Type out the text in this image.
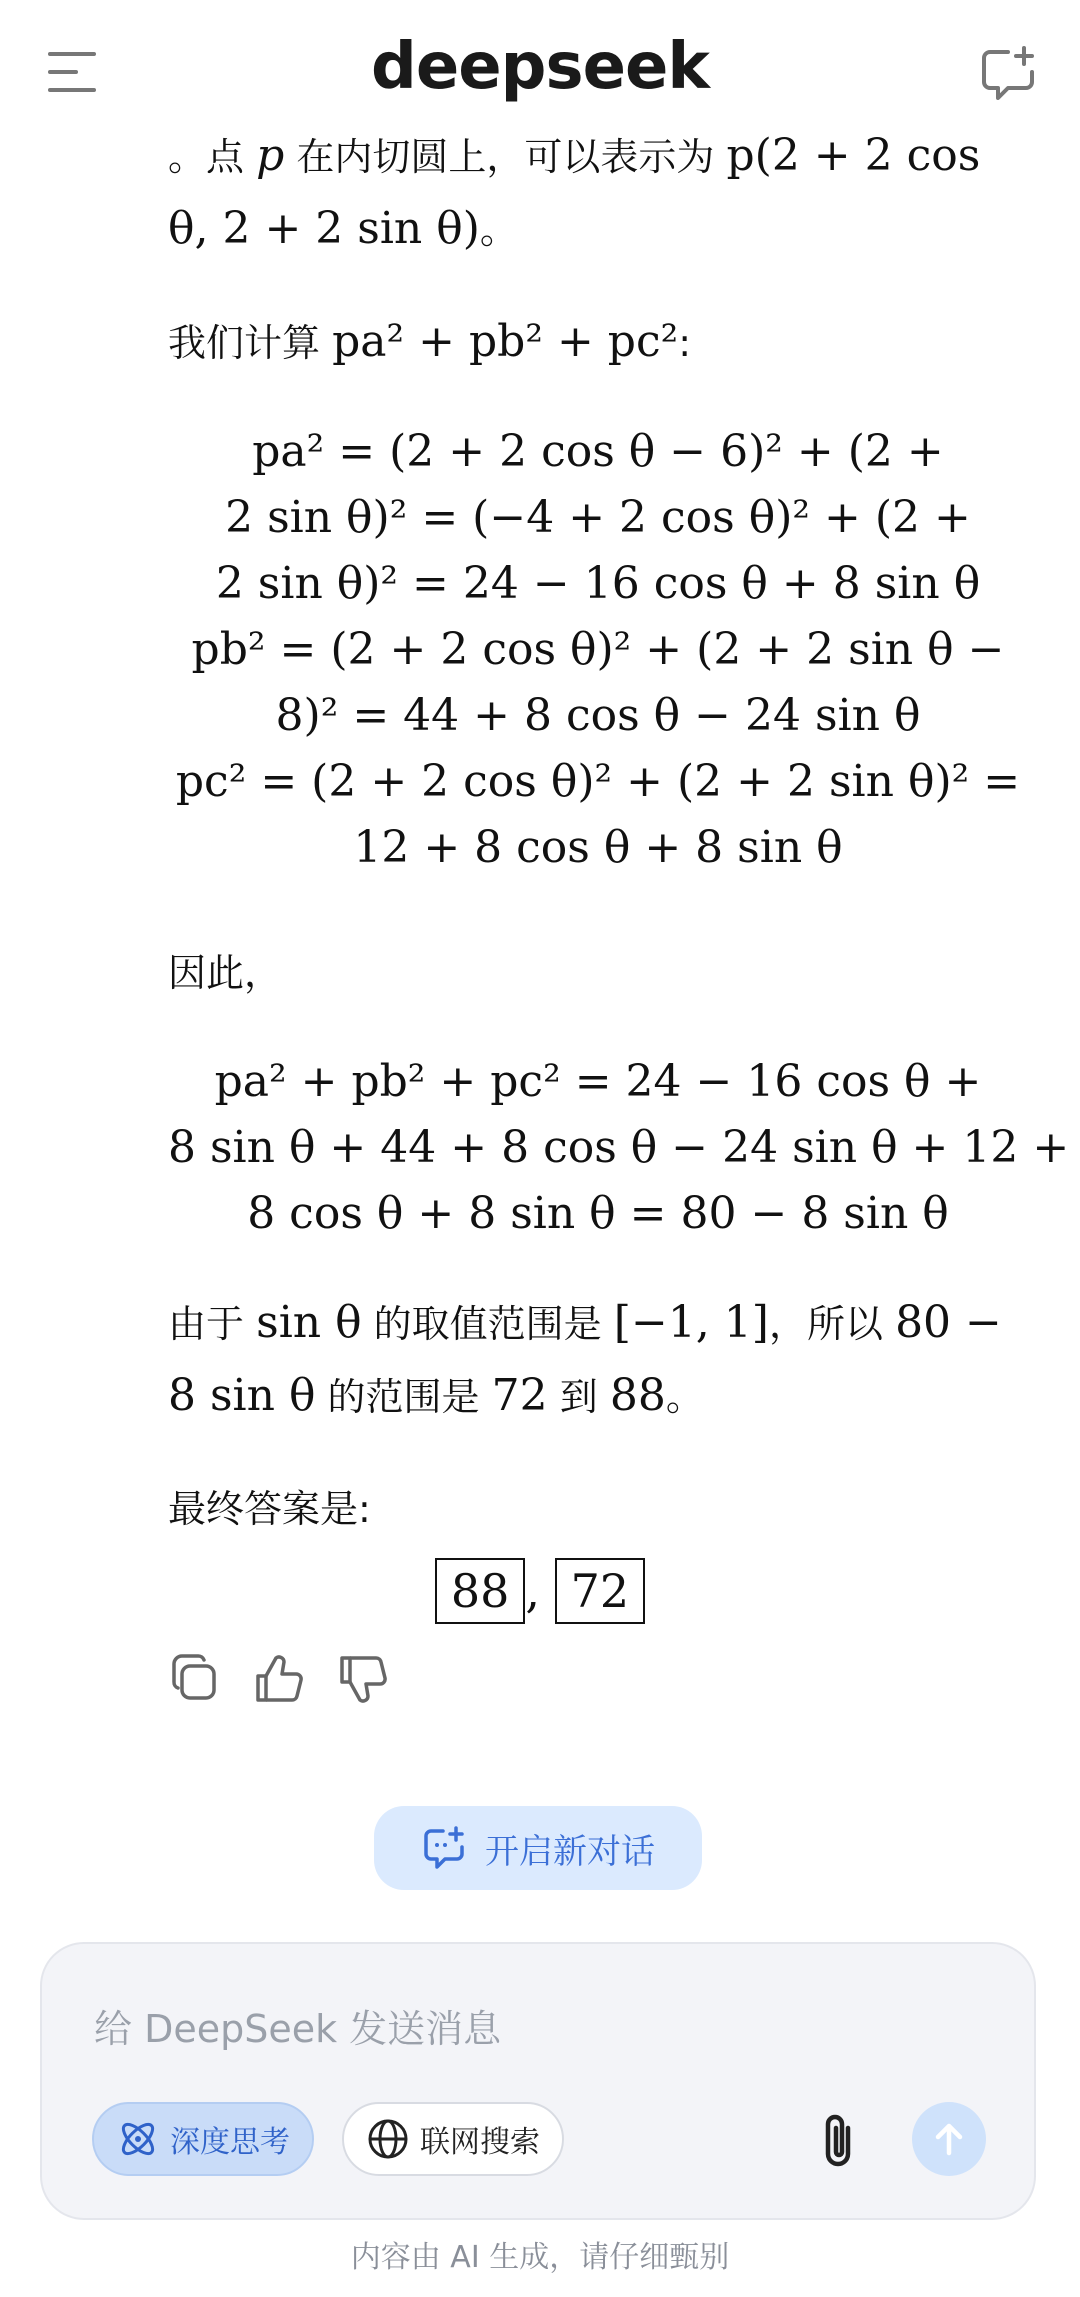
deepseek

。点 p 在内切圆上，可以表示为 p(2 + 2 cos θ, 2 + 2 sin θ)。

我们计算 pa² + pb² + pc²:

pa² = (2 + 2 cos θ − 6)² + (2 +
2 sin θ)² = (−4 + 2 cos θ)² + (2 +
2 sin θ)² = 24 − 16 cos θ + 8 sin θ
pb² = (2 + 2 cos θ)² + (2 + 2 sin θ −
8)² = 44 + 8 cos θ − 24 sin θ
pc² = (2 + 2 cos θ)² + (2 + 2 sin θ)² =
12 + 8 cos θ + 8 sin θ

因此，

pa² + pb² + pc² = 24 − 16 cos θ +
8 sin θ + 44 + 8 cos θ − 24 sin θ + 12 +
8 cos θ + 8 sin θ = 80 − 8 sin θ

由于 sin θ 的取值范围是 [−1, 1]，所以 80 − 8 sin θ 的范围是 72 到 88。

最终答案是:

88 , 72
开启新对话
给 DeepSeek 发送消息
深度思考	联网搜索
内容由 AI 生成，请仔细甄别
